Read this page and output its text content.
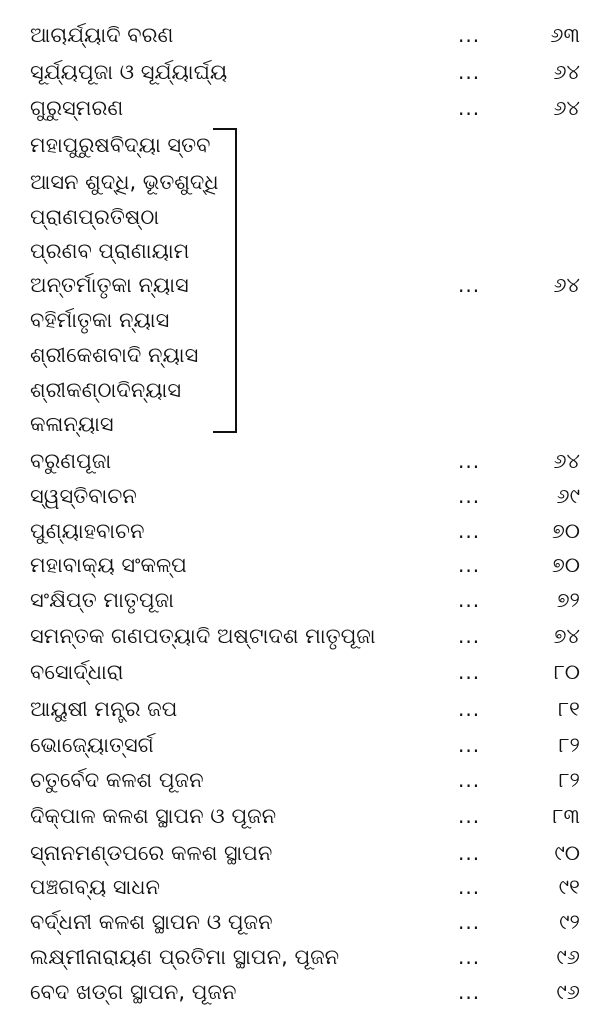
ଆଚାର୍ଯ୍ୟାଦି ବରଣ	...	୬୩
ସୂର୍ଯ୍ୟପୂଜା ଓ ସୂର୍ଯ୍ୟାର୍ଘ୍ୟ	...	୬୪
ଗୁରୁସ୍ମରଣ	...	୬୪
ମହାପୁରୁଷବିଦ୍ୟା ସ୍ତବ
ଆସନ ଶୁଦ୍ଧି, ଭୂତଶୁଦ୍ଧି
ପ୍ରାଣପ୍ରତିଷ୍ଠା
ପ୍ରଣବ ପ୍ରାଣାୟାମ
ଅନ୍ତର୍ମାତୃକା ନ୍ୟାସ	...	୬୪
ବହିର୍ମାତୃକା ନ୍ୟାସ
ଶ୍ରୀକେଶବାଦି ନ୍ୟାସ
ଶ୍ରୀକଣ୍ଠାଦିନ୍ୟାସ
କଳାନ୍ୟାସ
ବରୁଣପୂଜା	...	୬୪
ସ୍ୱସ୍ତିବାଚନ	...	୬୯
ପୁଣ୍ୟାହବାଚନ	...	୭୦
ମହାବାକ୍ୟ ସଂକଳ୍ପ	...	୭୦
ସଂକ୍ଷିପ୍ତ ମାତୃପୂଜା	...	୭୨
ସମନ୍ତକ ଗଣପତ୍ୟାଦି ଅଷ୍ଟାଦଶ ମାତୃପୂଜା	...	୭୪
ବସୋର୍ଦ୍ଧାରା	...	୮୦
ଆୟୁଷୀ ମନ୍ତ୍ର ଜପ	...	୮୧
ଭୋଜ୍ୟୋତ୍ସର୍ଗ	...	୮୨
ଚତୁର୍ବେଦ କଳଶ ପୂଜନ	...	୮୨
ଦିକ୍‌ପାଳ କଳଶ ସ୍ଥାପନ ଓ ପୂଜନ	...	୮୩
ସ୍ନାନମଣ୍ଡପରେ କଳଶ ସ୍ଥାପନ	...	୯୦
ପଞ୍ଚଗବ୍ୟ ସାଧନ	...	୯୧
ବର୍ଦ୍ଧନୀ କଳଶ ସ୍ଥାପନ ଓ ପୂଜନ	...	୯୨
ଲକ୍ଷ୍ମୀନାରାୟଣ ପ୍ରତିମା ସ୍ଥାପନ, ପୂଜନ	...	୯୬
ବେଦ ଖଡ୍‌ଗ ସ୍ଥାପନ, ପୂଜନ	...	୯୬
